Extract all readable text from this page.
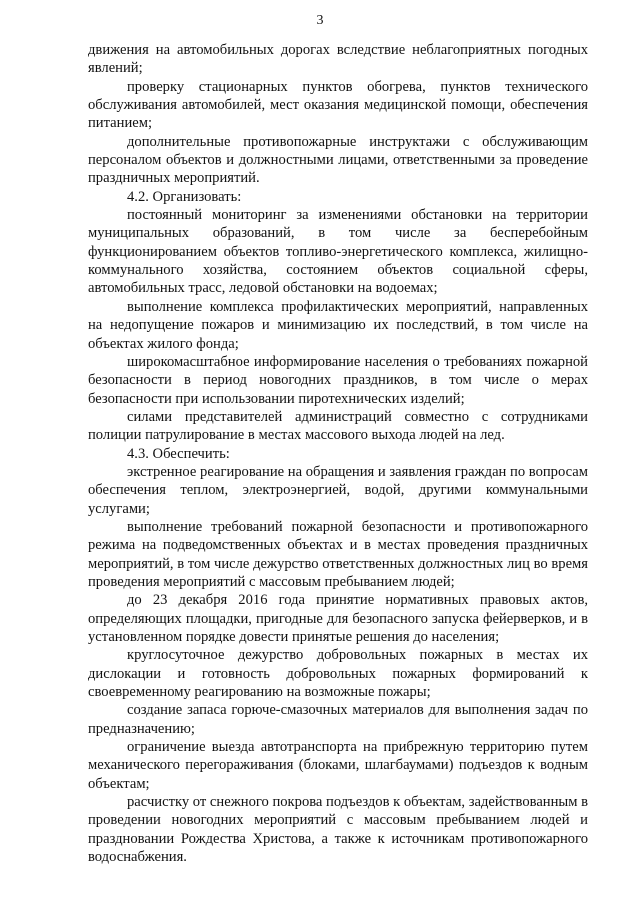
3

движения на автомобильных дорогах вследствие неблагоприятных погодных явлений;

проверку стационарных пунктов обогрева, пунктов технического обслуживания автомобилей, мест оказания медицинской помощи, обеспечения питанием;

дополнительные противопожарные инструктажи с обслуживающим персоналом объектов и должностными лицами, ответственными за проведение праздничных мероприятий.

4.2. Организовать:

постоянный мониторинг за изменениями обстановки на территории муниципальных образований, в том числе за бесперебойным функционированием объектов топливо-энергетического комплекса, жилищно-коммунального хозяйства, состоянием объектов социальной сферы, автомобильных трасс, ледовой обстановки на водоемах;

выполнение комплекса профилактических мероприятий, направленных на недопущение пожаров и минимизацию их последствий, в том числе на объектах жилого фонда;

широкомасштабное информирование населения о требованиях пожарной безопасности в период новогодних праздников, в том числе о мерах безопасности при использовании пиротехнических изделий;

силами представителей администраций совместно с сотрудниками полиции патрулирование в местах массового выхода людей на лед.

4.3. Обеспечить:

экстренное реагирование на обращения и заявления граждан по вопросам обеспечения теплом, электроэнергией, водой, другими коммунальными услугами;

выполнение требований пожарной безопасности и противопожарного режима на подведомственных объектах и в местах проведения праздничных мероприятий, в том числе дежурство ответственных должностных лиц во время проведения мероприятий с массовым пребыванием людей;

до 23 декабря 2016 года принятие нормативных правовых актов, определяющих площадки, пригодные для безопасного запуска фейерверков, и в установленном порядке довести принятые решения до населения;

круглосуточное дежурство добровольных пожарных в местах их дислокации и готовность добровольных пожарных формирований к своевременному реагированию на возможные пожары;

создание запаса горюче-смазочных материалов для выполнения задач по предназначению;

ограничение выезда автотранспорта на прибрежную территорию путем механического перегораживания (блоками, шлагбаумами) подъездов к водным объектам;

расчистку от снежного покрова подъездов к объектам, задействованным в проведении новогодних мероприятий с массовым пребыванием людей и праздновании Рождества Христова, а также к источникам противопожарного водоснабжения.
